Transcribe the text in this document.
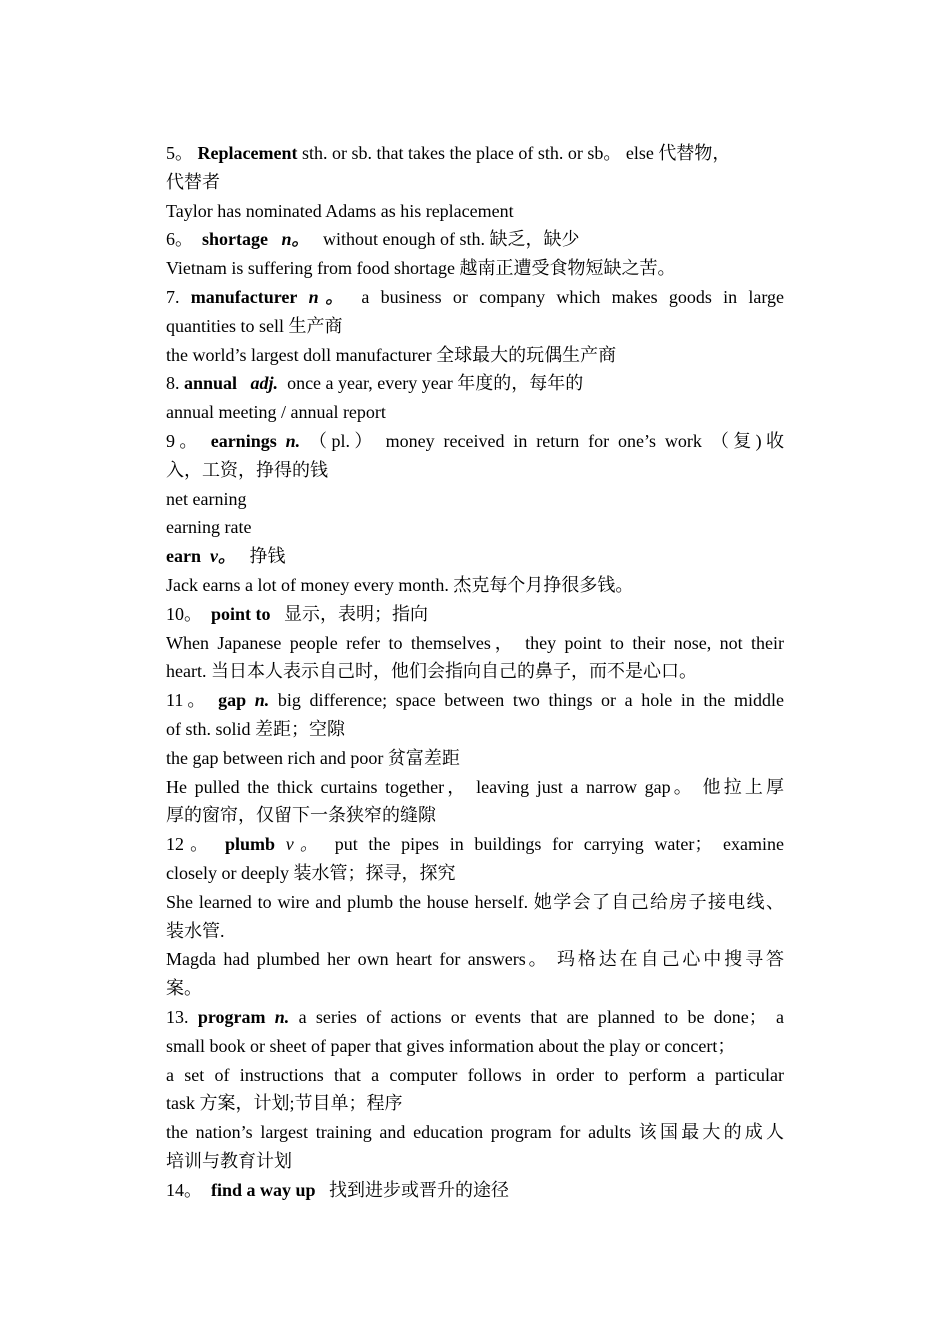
5。 Replacement sth. or sb. that takes the place of sth. or sb。 else 代替物，
代替者
Taylor has nominated Adams as his replacement
6。 shortage n。   without enough of sth. 缺乏，缺少
Vietnam is suffering from food shortage 越南正遭受食物短缺之苦。
7. manufacturer n。 a business or company which makes goods in large
quantities to sell 生产商
the world’s largest doll manufacturer 全球最大的玩偶生产商
8. annual adj.  once a year, every year 年度的，每年的
annual meeting / annual report
9。 earnings n. （pl.） money received in return for one’s work （复)收
入，工资，挣得的钱
net earning
earning rate
earn v。 挣钱
Jack earns a lot of money every month. 杰克每个月挣很多钱。
10。 point to 显示，表明；指向
When Japanese people refer to themselves， they point to their nose, not their
heart. 当日本人表示自己时，他们会指向自己的鼻子，而不是心口。
11。 gap n. big difference; space between two things or a hole in the middle
of sth. solid 差距；空隙
the gap between rich and poor 贫富差距
He pulled the thick curtains together， leaving just a narrow gap。 他拉上厚
厚的窗帘，仅留下一条狭窄的缝隙
12。 plumb v。 put the pipes in buildings for carrying water； examine
closely or deeply 装水管；探寻，探究
She learned to wire and plumb the house herself. 她学会了自己给房子接电线、
装水管.
Magda had plumbed her own heart for answers。 玛格达在自己心中搜寻答
案。
13. program n. a series of actions or events that are planned to be done； a
small book or sheet of paper that gives information about the play or concert；
a set of instructions that a computer follows in order to perform a particular
task 方案，计划;节目单；程序
the nation’s largest training and education program for adults 该国最大的成人
培训与教育计划
14。 find a way up 找到进步或晋升的途径
